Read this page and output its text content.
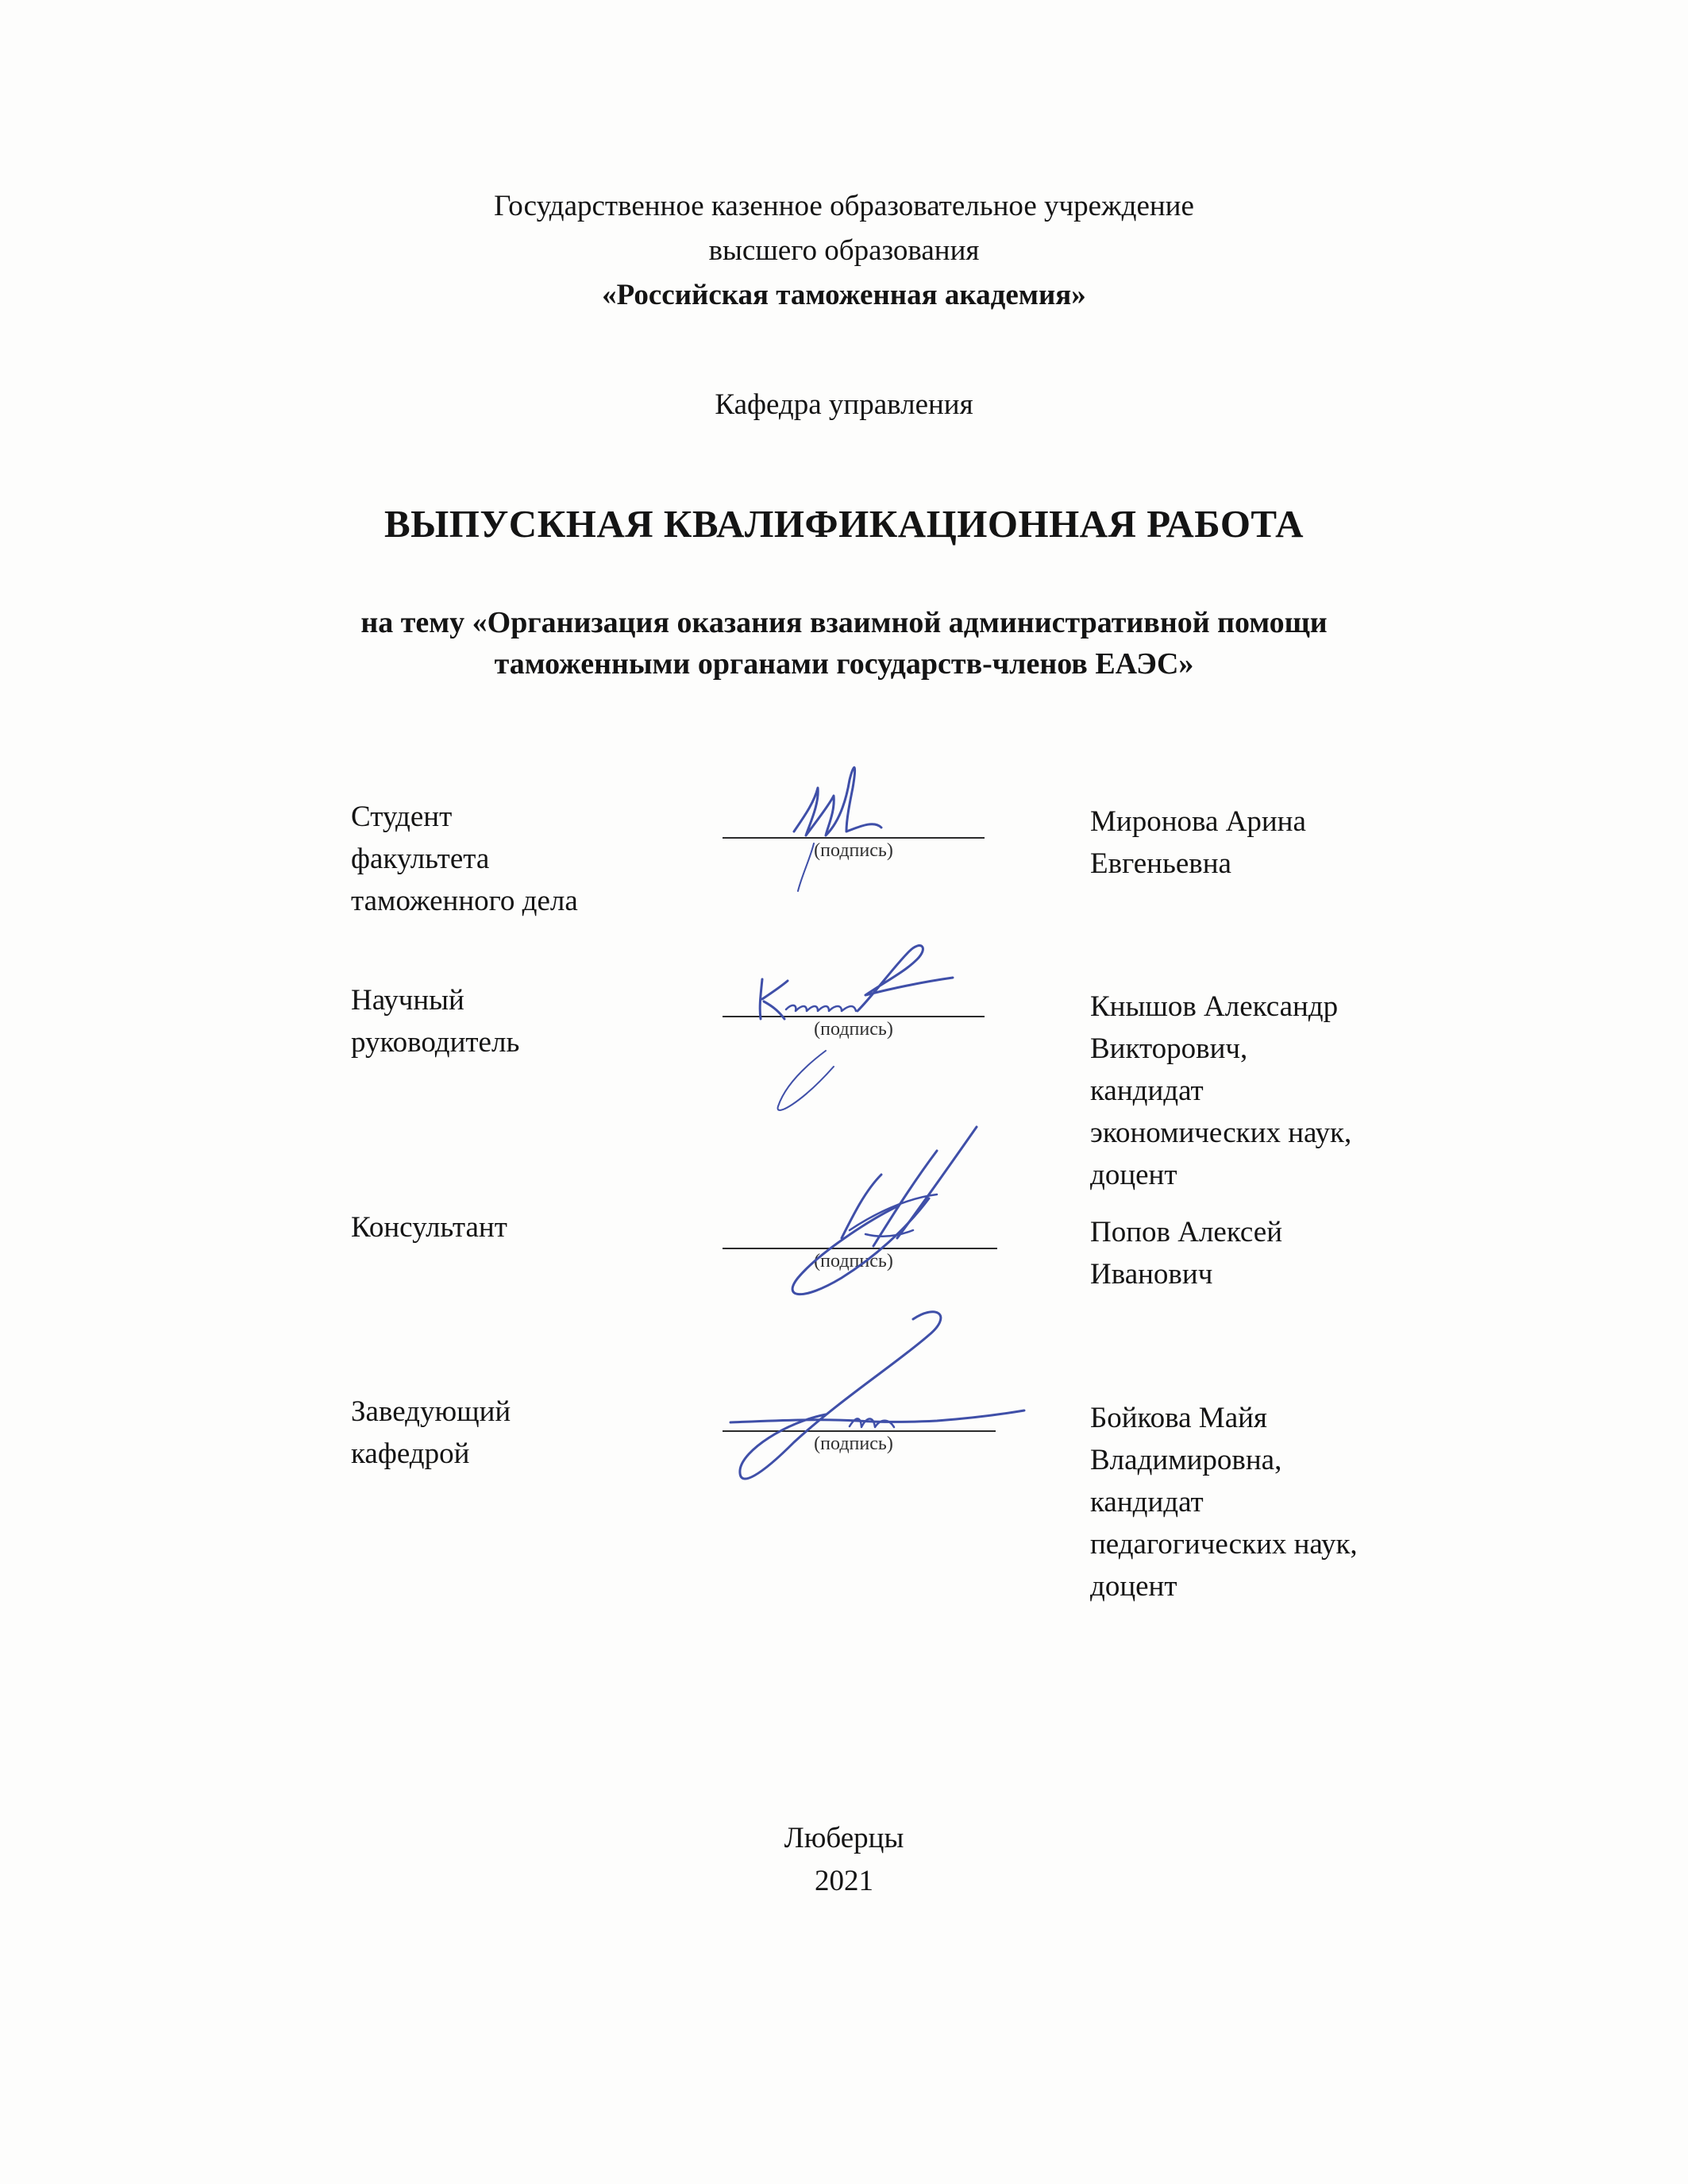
Государственное казенное образовательное учреждение
высшего образования
«Российская таможенная академия»
Кафедра управления
ВЫПУСКНАЯ КВАЛИФИКАЦИОННАЯ РАБОТА
на тему «Организация оказания взаимной административной помощи
таможенными органами государств-членов ЕАЭС»
Студент
факультета
таможенного дела
(подпись)
Миронова Арина
Евгеньевна
Научный
руководитель	(подпись)
Кнышов Александр
Викторович,
кандидат
экономических наук,
доцент
Консультант
(подпись)
Попов Алексей
Иванович
Заведующий
кафедрой	(подпись)
Бойкова Майя
Владимировна,
кандидат
педагогических наук,
доцент
Люберцы
2021
